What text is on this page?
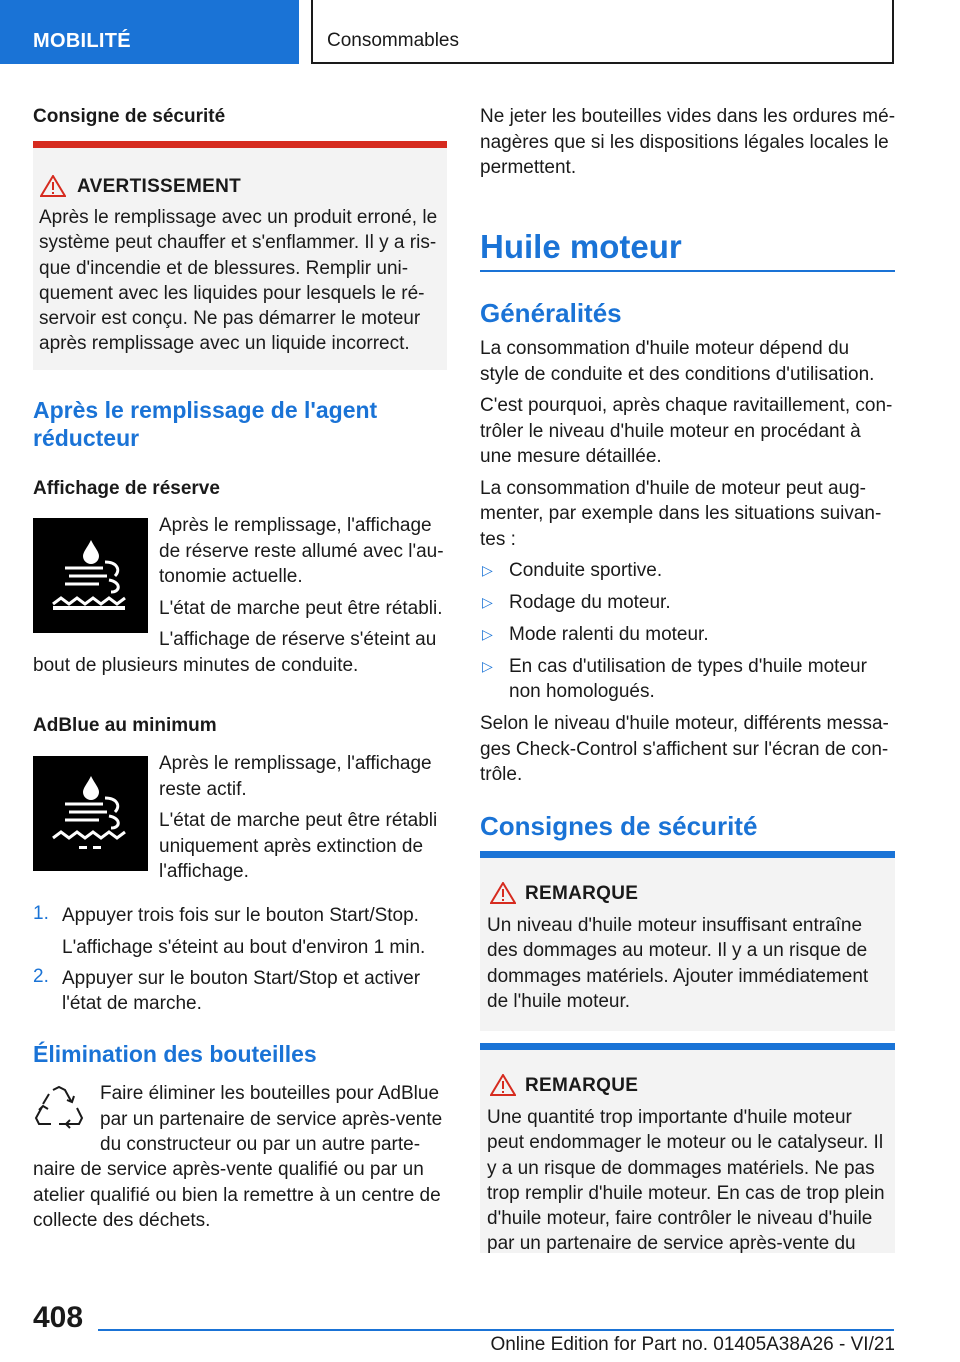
MOBILITÉ	Consommables
Consigne de sécurité
AVERTISSEMENT
Après le remplissage avec un produit erroné, le
système peut chauffer et s'enflammer. Il y a ris-
que d'incendie et de blessures. Remplir uni-
quement avec les liquides pour lesquels le ré-
servoir est conçu. Ne pas démarrer le moteur
après remplissage avec un liquide incorrect.
Après le remplissage de l'agent
réducteur
Affichage de réserve

Après le remplissage, l'affichage

de réserve reste allumé avec l'au-

tonomie actuelle.

L'état de marche peut être rétabli.

L'affichage de réserve s'éteint au

bout de plusieurs minutes de conduite.

AdBlue au minimum

Après le remplissage, l'affichage

reste actif.

L'état de marche peut être rétabli

uniquement après extinction de

l'affichage.

1. Appuyer trois fois sur le bouton Start/Stop.

L'affichage s'éteint au bout d'environ 1 min.

2. Appuyer sur le bouton Start/Stop et activer

l'état de marche.

Élimination des bouteilles

Faire éliminer les bouteilles pour AdBlue

par un partenaire de service après-vente

du constructeur ou par un autre parte-

naire de service après-vente qualifié ou par un

atelier qualifié ou bien la remettre à un centre de

collecte des déchets.

Ne jeter les bouteilles vides dans les ordures mé-

nagères que si les dispositions légales locales le

permettent.

Huile moteur
Généralités

La consommation d'huile moteur dépend du

style de conduite et des conditions d'utilisation.

C'est pourquoi, après chaque ravitaillement, con-

trôler le niveau d'huile moteur en procédant à

une mesure détaillée.

La consommation d'huile de moteur peut aug-

menter, par exemple dans les situations suivan-

tes :

▷ Conduite sportive.

▷ Rodage du moteur.

▷ Mode ralenti du moteur.

▷ En cas d'utilisation de types d'huile moteur

non homologués.

Selon le niveau d'huile moteur, différents messa-

ges Check-Control s'affichent sur l'écran de con-

trôle.

Consignes de sécurité
REMARQUE
Un niveau d'huile moteur insuffisant entraîne
des dommages au moteur. Il y a un risque de
dommages matériels. Ajouter immédiatement
de l'huile moteur.
REMARQUE
Une quantité trop importante d'huile moteur
peut endommager le moteur ou le catalyseur. Il
y a un risque de dommages matériels. Ne pas
trop remplir d'huile moteur. En cas de trop plein
d'huile moteur, faire contrôler le niveau d'huile
par un partenaire de service après-vente du
408
Online Edition for Part no. 01405A38A26 - VI/21
